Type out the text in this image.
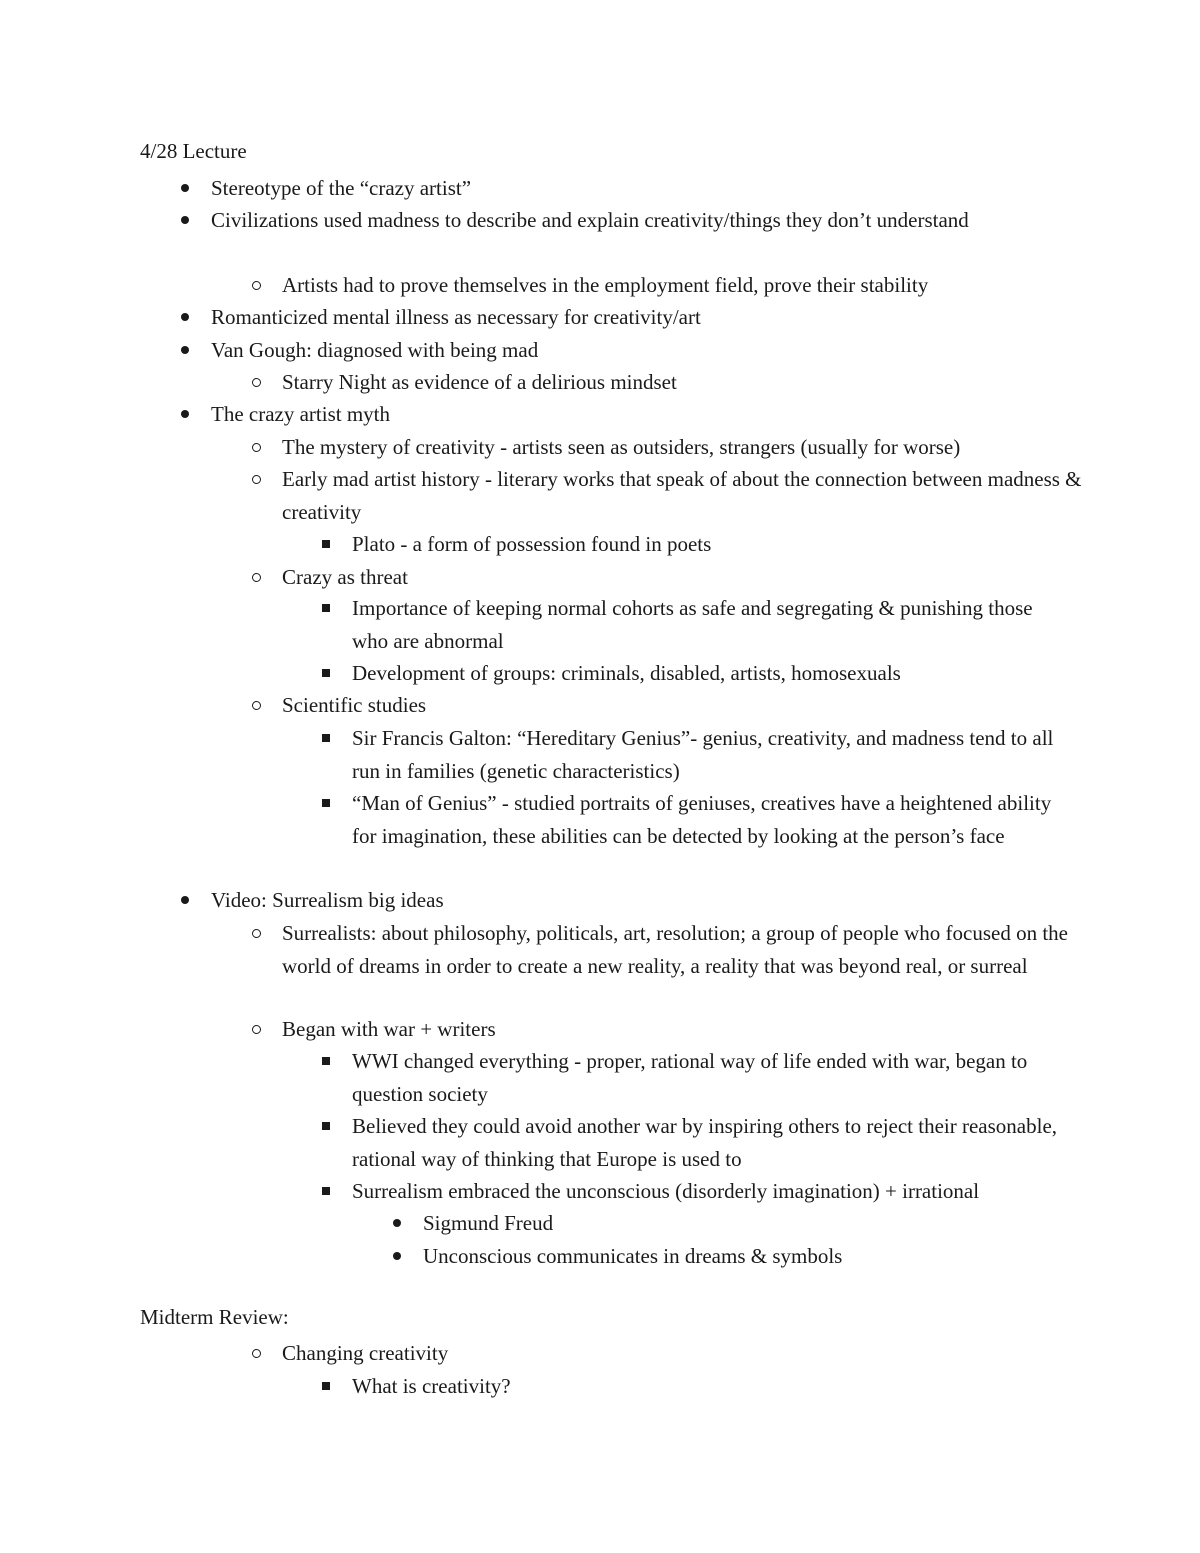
4/28 Lecture
Stereotype of the “crazy artist”
Civilizations used madness to describe and explain creativity/things they don’t understand
Artists had to prove themselves in the employment field, prove their stability
Romanticized mental illness as necessary for creativity/art
Van Gough: diagnosed with being mad
Starry Night as evidence of a delirious mindset
The crazy artist myth
The mystery of creativity - artists seen as outsiders, strangers (usually for worse)
Early mad artist history - literary works that speak of about the connection between madness & creativity
Plato - a form of possession found in poets
Crazy as threat
Importance of keeping normal cohorts as safe and segregating & punishing those who are abnormal
Development of groups: criminals, disabled, artists, homosexuals
Scientific studies
Sir Francis Galton: “Hereditary Genius”- genius, creativity, and madness tend to all run in families (genetic characteristics)
“Man of Genius” - studied portraits of geniuses, creatives have a heightened ability for imagination, these abilities can be detected by looking at the person’s face
Video: Surrealism big ideas
Surrealists: about philosophy, politicals, art, resolution; a group of people who focused on the world of dreams in order to create a new reality, a reality that was beyond real, or surreal
Began with war + writers
WWI changed everything - proper, rational way of life ended with war, began to question society
Believed they could avoid another war by inspiring others to reject their reasonable, rational way of thinking that Europe is used to
Surrealism embraced the unconscious (disorderly imagination) + irrational
Sigmund Freud
Unconscious communicates in dreams & symbols
Midterm Review:
Changing creativity
What is creativity?
